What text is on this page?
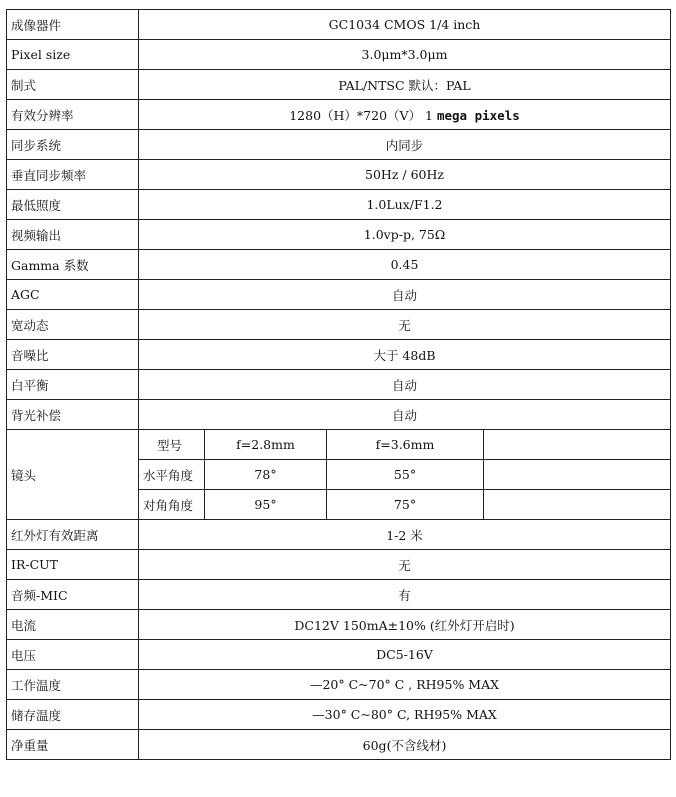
成像器件	GC1034 CMOS 1/4 inch			
Pixel size	3.0μm*3.0μm			
制式	PAL/NTSC 默认：PAL			
有效分辨率	1280（H）*720（V） 1 mega pixels			
同步系统	内同步			
垂直同步频率	50Hz / 60Hz			
最低照度	1.0Lux/F1.2			
视频输出	1.0vp-p, 75Ω			
Gamma 系数	0.45			
AGC	自动			
宽动态	无			
音噪比	大于 48dB			
白平衡	自动			
背光补偿	自动			
镜头	型号	f=2.8mm	f=3.6mm	
	水平角度	78°	55°	
	对角角度	95°	75°	
红外灯有效距离	1-2 米			
IR-CUT	无			
音频-MIC	有			
电流	DC12V 150mA±10% (红外灯开启时)			
电压	DC5-16V			
工作温度	—20° C~70° C , RH95% MAX			
储存温度	—30° C~80° C, RH95% MAX			
净重量	60g(不含线材)			
